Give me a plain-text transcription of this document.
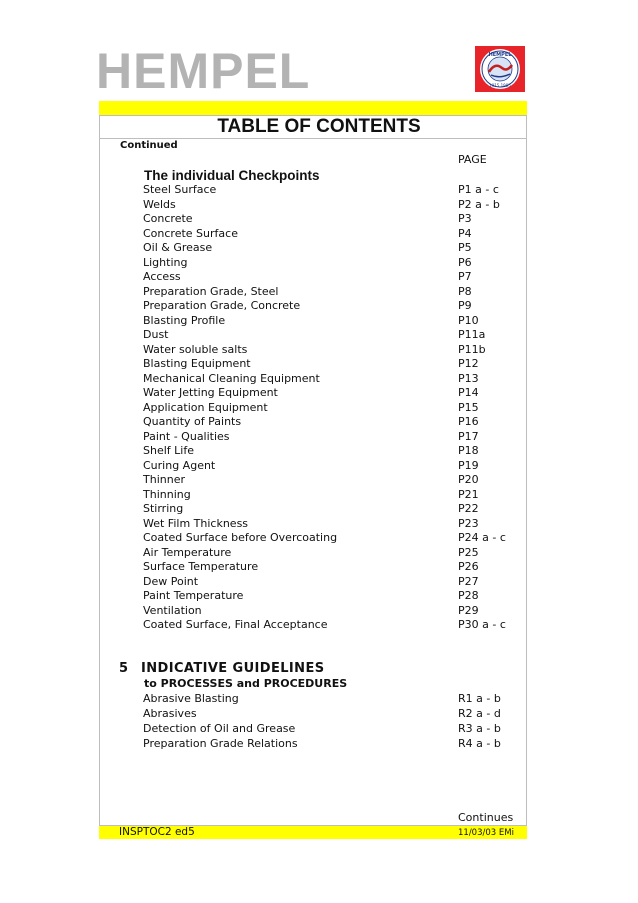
HEMPEL	HEMPEL
1915 1995
TABLE OF CONTENTS
Continued
PAGE
The individual Checkpoints
Steel Surface	P1 a - c
Welds	P2 a - b
Concrete	P3
Concrete Surface	P4
Oil & Grease	P5
Lighting	P6
Access	P7
Preparation Grade, Steel	P8
Preparation Grade, Concrete	P9
Blasting Profile	P10
Dust	P11a
Water soluble salts	P11b
Blasting Equipment	P12
Mechanical Cleaning Equipment	P13
Water Jetting Equipment	P14
Application Equipment	P15
Quantity of Paints	P16
Paint - Qualities	P17
Shelf Life	P18
Curing Agent	P19
Thinner	P20
Thinning	P21
Stirring	P22
Wet Film Thickness	P23
Coated Surface before Overcoating	P24 a - c
Air Temperature	P25
Surface Temperature	P26
Dew Point	P27
Paint Temperature	P28
Ventilation	P29
Coated Surface, Final Acceptance	P30 a - c
5 INDICATIVE GUIDELINES
to PROCESSES and PROCEDURES
Abrasive Blasting	R1 a - b
Abrasives	R2 a - d
Detection of Oil and Grease	R3 a - b
Preparation Grade Relations	R4 a - b
Continues
INSPTOC2 ed5	11/03/03 EMi
